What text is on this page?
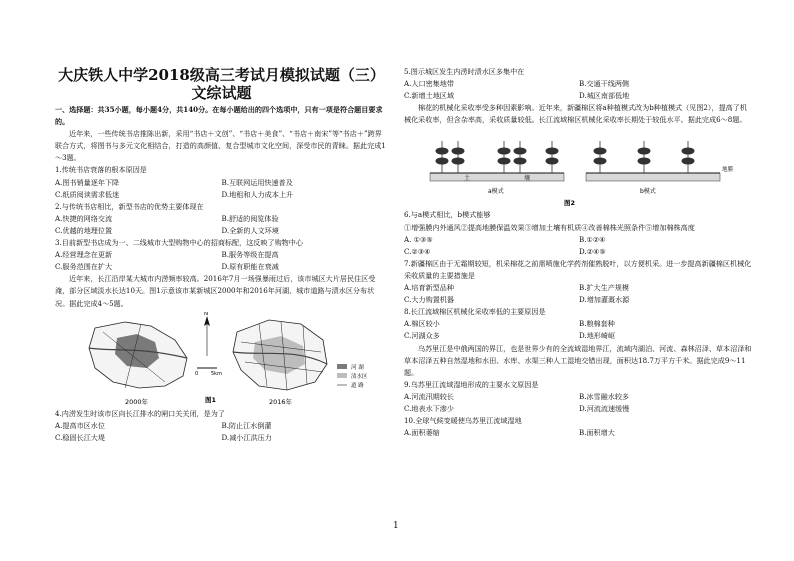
大庆铁人中学2018级高三考试月模拟试题（三）

文综试题

一、选择题：共35小题，每小题4分，共140分。在每小题给出的四个选项中，只有一项是符合题目要求的。

近年来，一些传统书店推陈出新，采用“书店＋文创”、“书店＋美食”、“书店＋南宋”等“书店＋”跨界联合方式，将图书与多元文化相结合，打造的高颜值、复合型城市文化空间，深受市民的青睐。据此完成1～3题。

1.传统书店衰落的根本原因是

A.图书销量逐年下降	B.互联网运用快速普及
C.纸质阅读需求低迷	D.地租和人力成本上升

2.与传统书店相比，新型书店的优势主要体现在

A.快捷的网络交流	B.舒适的阅览体验
C.优越的地理位置	D.全新的人文环境

3.目前新型书店成为一、二线城市大型购物中心的招商标配，这反映了购物中心

A.经营理念在更新	B.服务等级在提高
C.服务范围在扩大	D.原有职能在衰减

近年来，长江沿岸某大城市内涝频率较高。2016年7月一场强暴雨过后，该市城区大片居民住区受淹，部分区域淡水长达10天。图1示意该市某新城区2000年和2016年河湖、城市道路与渍水区分布状况。据此完成4～5题。

2000年
N
0	5km
2016年
河 湖
渍水区
道 路
图1

4.内涝发生时该市区向长江排水的闸口关关闭，是为了

A.提高市区水位	B.防止江水倒灌
C.稳固长江大堤	D.减小江洪压力

5.图示城区发生内涝时渍水区多集中在

A.人口密集地带	B.交通干线两侧
C.新增土地区域	D.城区南部低地

棉花的机械化采收率受多种因素影响。近年来，新疆棉区将a种植模式改为b种植模式（见图2），提高了机械化采收率，但含杂率高，采收质量较低。长江流域棉区机械化采收率长期处于较低水平。据此完成6～8题。

土	壤
a模式
地膜
b模式
图2

6.与a模式相比，b模式能够

①增强膜内外通风②提高地膜保温效果③增加土壤有机质④改善棉株光照条件⑤增加棉株高度

A. ①③⑤	B.①②④
C.②③④	D.②④⑤

7.新疆棉区由于无霜期较短，机采棉花之前需喷施化学药剂催熟脱叶，以方便机采。进一步提高新疆棉区机械化采收质量的主要措施是

A.培育新型品种	B.扩大生产规模
C.大力购置机器	D.增加灌溉水源

8.长江流域棉区机械化采收率低的主要原因是

A.棉区较小	B.粮棉套种
C.河湖众多	D.地形崎岖

乌苏里江是中俄两国的界江，也是世界少有的全流域湿地界江，流域内湖泊、河流、森林沼泽、草本沼泽和草本沼泽五种自然湿地和水田、水库、水渠三种人工湿地交错出现，面积达18.7万平方千米。据此完成9～11题。

9.乌苏里江流域湿地形成的主要水文原因是

A.河流汛期较长	B.冰雪融水较多
C.地表水下渗少	D.河流流速缓慢

10.全球气候变暖使乌苏里江流域湿地

A.面积萎缩	B.面积增大
1
